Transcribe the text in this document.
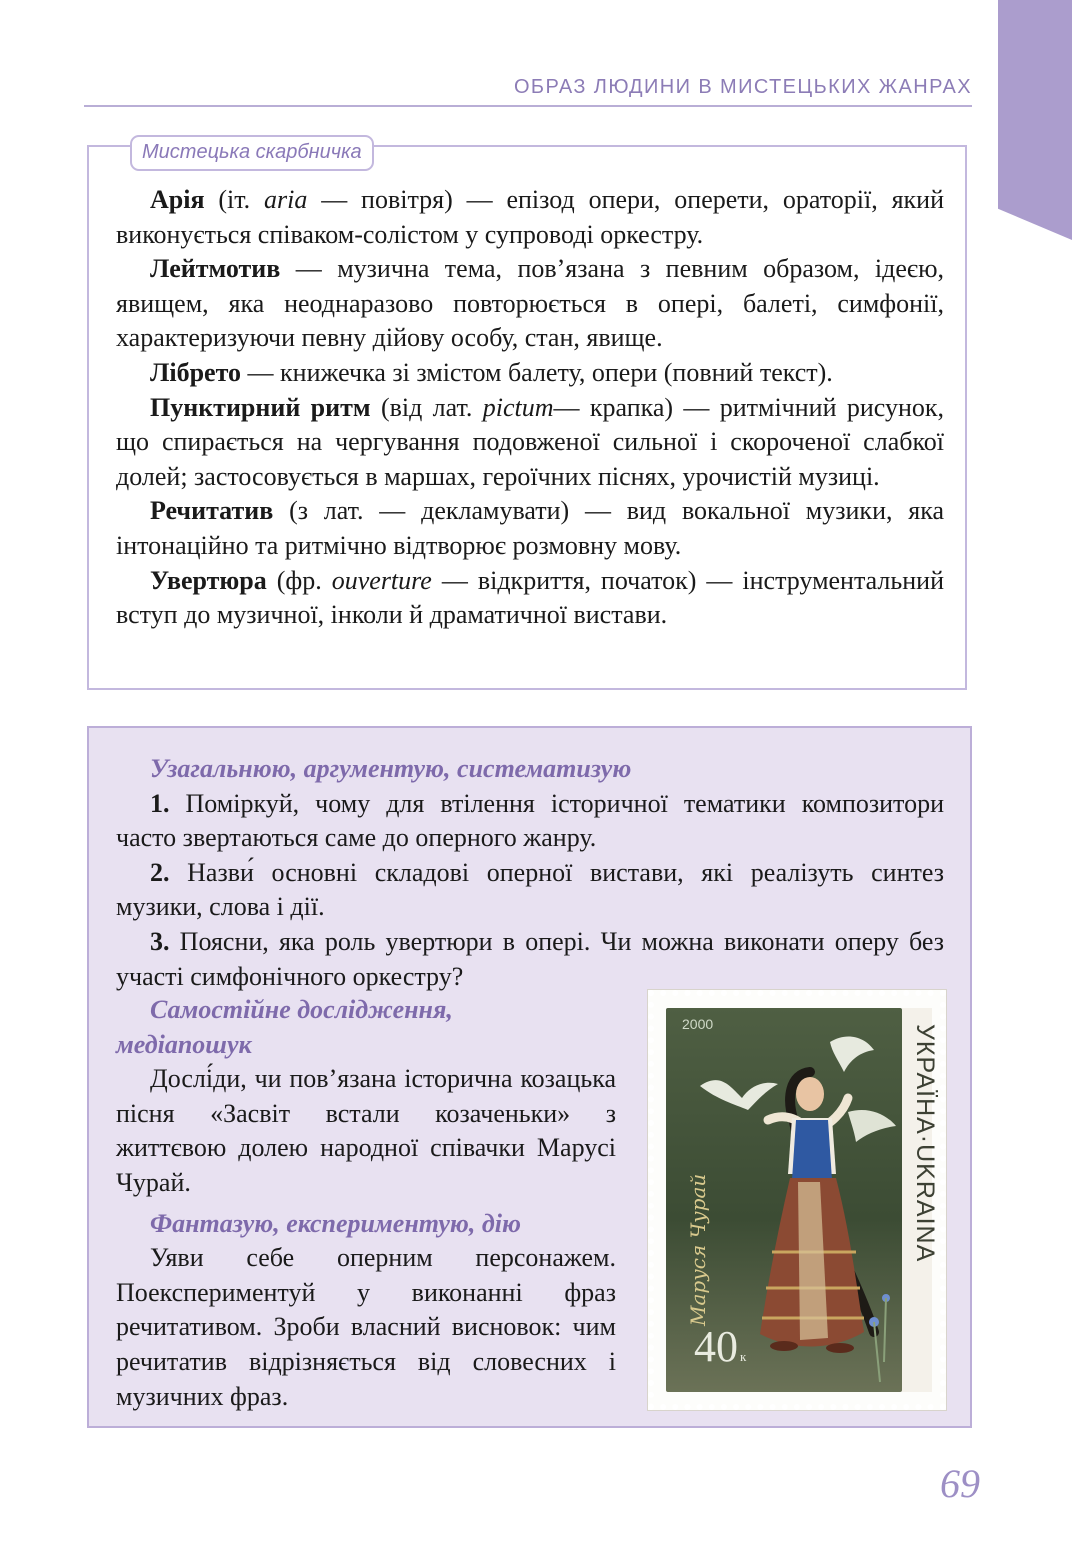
ОБРАЗ ЛЮДИНИ В МИСТЕЦЬКИХ ЖАНРАХ
Мистецька скарбничка

Арія (іт. aria — повітря) — епізод опери, оперети, ораторії, який виконується співаком-солістом у супроводі оркестру.

Лейтмотив — музична тема, пов’язана з певним образом, ідеєю, явищем, яка неоднаразово повторюється в опері, балеті, симфонії, характеризуючи певну дійову особу, стан, явище.

Лібрето — книжечка зі змістом балету, опери (повний текст).

Пунктирний ритм (від лат. pictum— крапка) — ритмічний рисунок, що спирається на чергування подовженої сильної і скороченої слабкої долей; застосовується в маршах, героїчних піснях, урочистій музиці.

Речитатив (з лат. — декламувати) — вид вокальної музики, яка інтонаційно та ритмічно відтворює розмовну мову.

Увертюра (фр. ouverture — відкриття, початок) — інструментальний вступ до музичної, інколи й драматичної вистави.

Узагальнюю, аргументую, систематизую

1. Поміркуй, чому для втілення історичної тематики композитори часто звертаються саме до оперного жанру.

2. Назви́ основні складові оперної вистави, які реалізуть синтез музики, слова і дії.

3. Поясни, яка роль увертюри в опері. Чи можна виконати оперу без участі симфонічного оркестру?

Самостійне дослідження,
медіапошук

Дослі́ди, чи пов’язана історична козацька пісня «Засвіт встали козаченьки» з життєвою долею народної співачки Марусі Чурай.

Фантазую, експериментую, дію

Уяви себе оперним персонажем. Поекспериментуй у виконанні фраз речитативом. Зроби власний висновок: чим речитатив відрізняється від словесних і музичних фраз.

2000
Маруся Чурай
40 к
УКРАЇНА·UKRAINA
69
